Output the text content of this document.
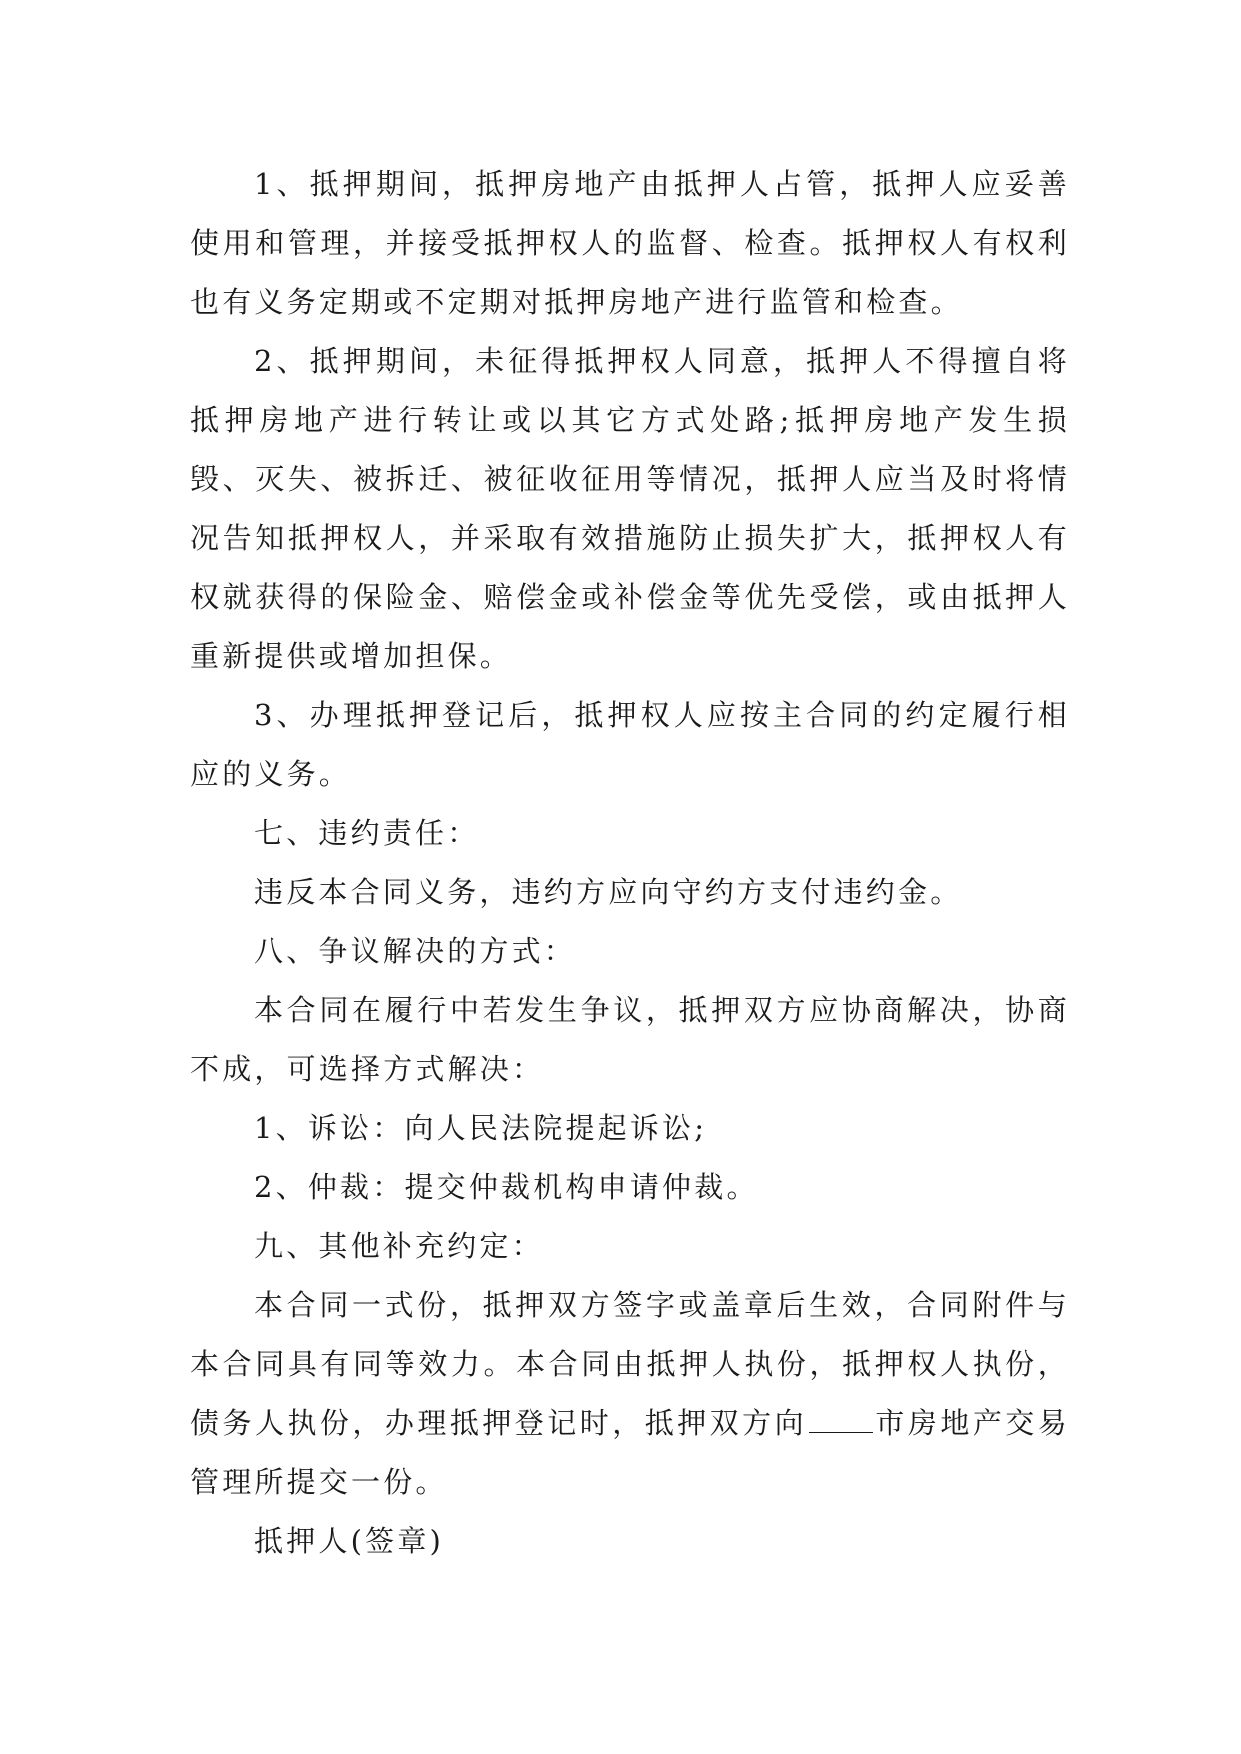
1、抵押期间，抵押房地产由抵押人占管，抵押人应妥善使用和管理，并接受抵押权人的监督、检查。抵押权人有权利也有义务定期或不定期对抵押房地产进行监管和检查。

2、抵押期间，未征得抵押权人同意，抵押人不得擅自将抵押房地产进行转让或以其它方式处路;抵押房地产发生损毁、灭失、被拆迁、被征收征用等情况，抵押人应当及时将情况告知抵押权人，并采取有效措施防止损失扩大，抵押权人有权就获得的保险金、赔偿金或补偿金等优先受偿，或由抵押人重新提供或增加担保。

3、办理抵押登记后，抵押权人应按主合同的约定履行相应的义务。

七、违约责任：

违反本合同义务，违约方应向守约方支付违约金。

八、争议解决的方式：

本合同在履行中若发生争议，抵押双方应协商解决，协商不成，可选择方式解决：

1、诉讼：向人民法院提起诉讼;

2、仲裁：提交仲裁机构申请仲裁。

九、其他补充约定：

本合同一式份，抵押双方签字或盖章后生效，合同附件与本合同具有同等效力。本合同由抵押人执份，抵押权人执份，债务人执份，办理抵押登记时，抵押双方向 市房地产交易管理所提交一份。

抵押人(签章)
